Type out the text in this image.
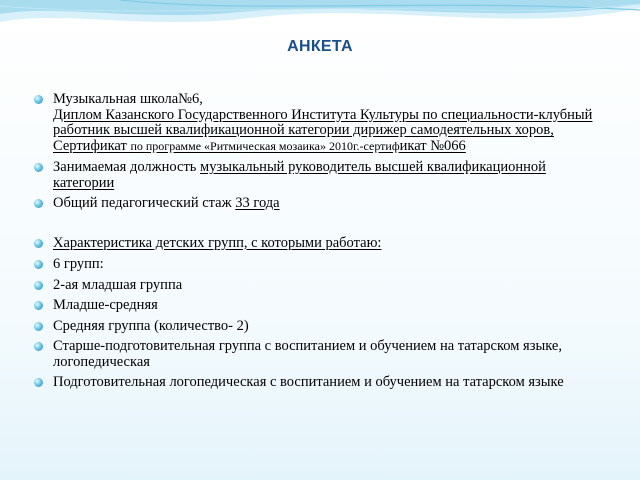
АНКЕТА
Музыкальная школа№6,
Диплом Казанского Государственного Института Культуры по специальности-клубный работник высшей квалификационной категории дирижер самодеятельных хоров,
Сертификат по программе «Ритмическая мозаика» 2010г.-сертификат №066
Занимаемая должность музыкальный руководитель высшей квалификационной категории
Общий педагогический стаж 33 года
Характеристика детских групп, с которыми работаю:
6 групп:
2-ая младшая группа
Младше-средняя
Средняя группа (количество- 2)
Старше-подготовительная группа с воспитанием и обучением на татарском языке, логопедическая
Подготовительная логопедическая с воспитанием и обучением на татарском языке
